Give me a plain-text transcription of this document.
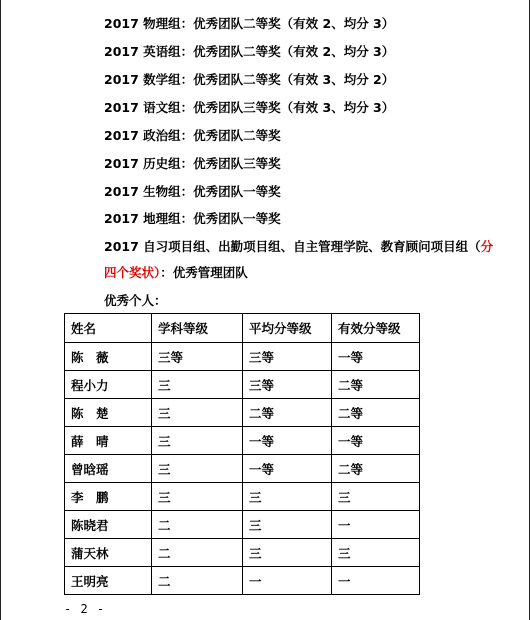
2017 物理组：优秀团队二等奖（有效 2、均分 3）
2017 英语组：优秀团队二等奖（有效 2、均分 3）
2017 数学组：优秀团队二等奖（有效 3、均分 2）
2017 语文组：优秀团队三等奖（有效 3、均分 3）
2017 政治组：优秀团队二等奖
2017 历史组：优秀团队三等奖
2017 生物组：优秀团队一等奖
2017 地理组：优秀团队一等奖
2017 自习项目组、出勤项目组、自主管理学院、教育顾问项目组（分
四个奖状）：优秀管理团队
优秀个人：
姓名	学科等级	平均分等级	有效分等级
陈　薇	三等	三等	一等
程小力	三	三等	二等
陈　楚	三	二等	二等
薛　晴	三	一等	一等
曾晗瑶	三	一等	二等
李　鹏	三	三	三
陈晓君	二	三	一
蒲天林	二	三	三
王明亮	二	一	一
- 2 -
